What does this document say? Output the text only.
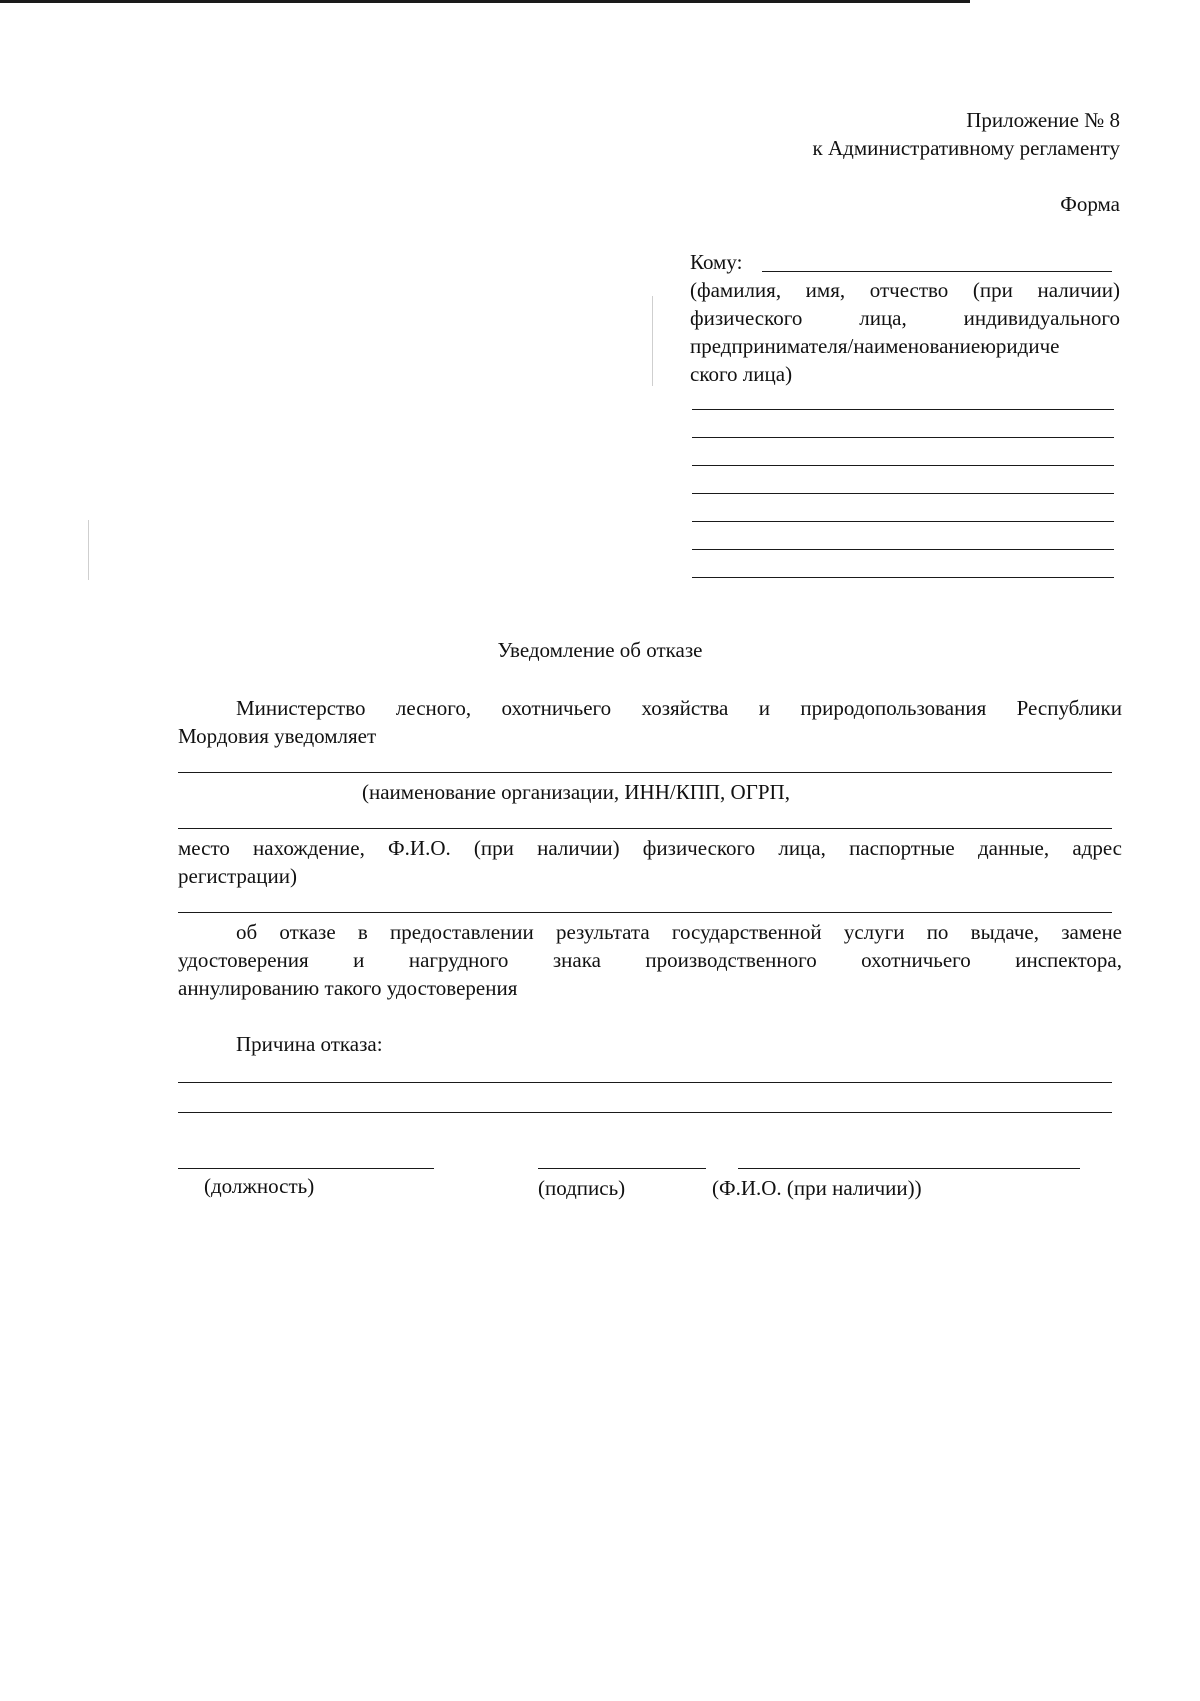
Приложение № 8
к Административному регламенту
Форма
Кому:
(фамилия, имя, отчество (при наличии)
физического лица, индивидуального
предпринимателя/наименованиеюридиче
ского лица)
Уведомление об отказе
Министерство лесного, охотничьего хозяйства и природопользования Республики
Мордовия уведомляет
(наименование организации, ИНН/КПП, ОГРП,
место нахождение, Ф.И.О. (при наличии) физического лица, паспортные данные, адрес
регистрации)
об отказе в предоставлении результата государственной услуги по выдаче, замене
удостоверения и нагрудного знака производственного охотничьего инспектора,
аннулированию такого удостоверения
Причина отказа:
(должность)	(подпись)	(Ф.И.О. (при наличии))
